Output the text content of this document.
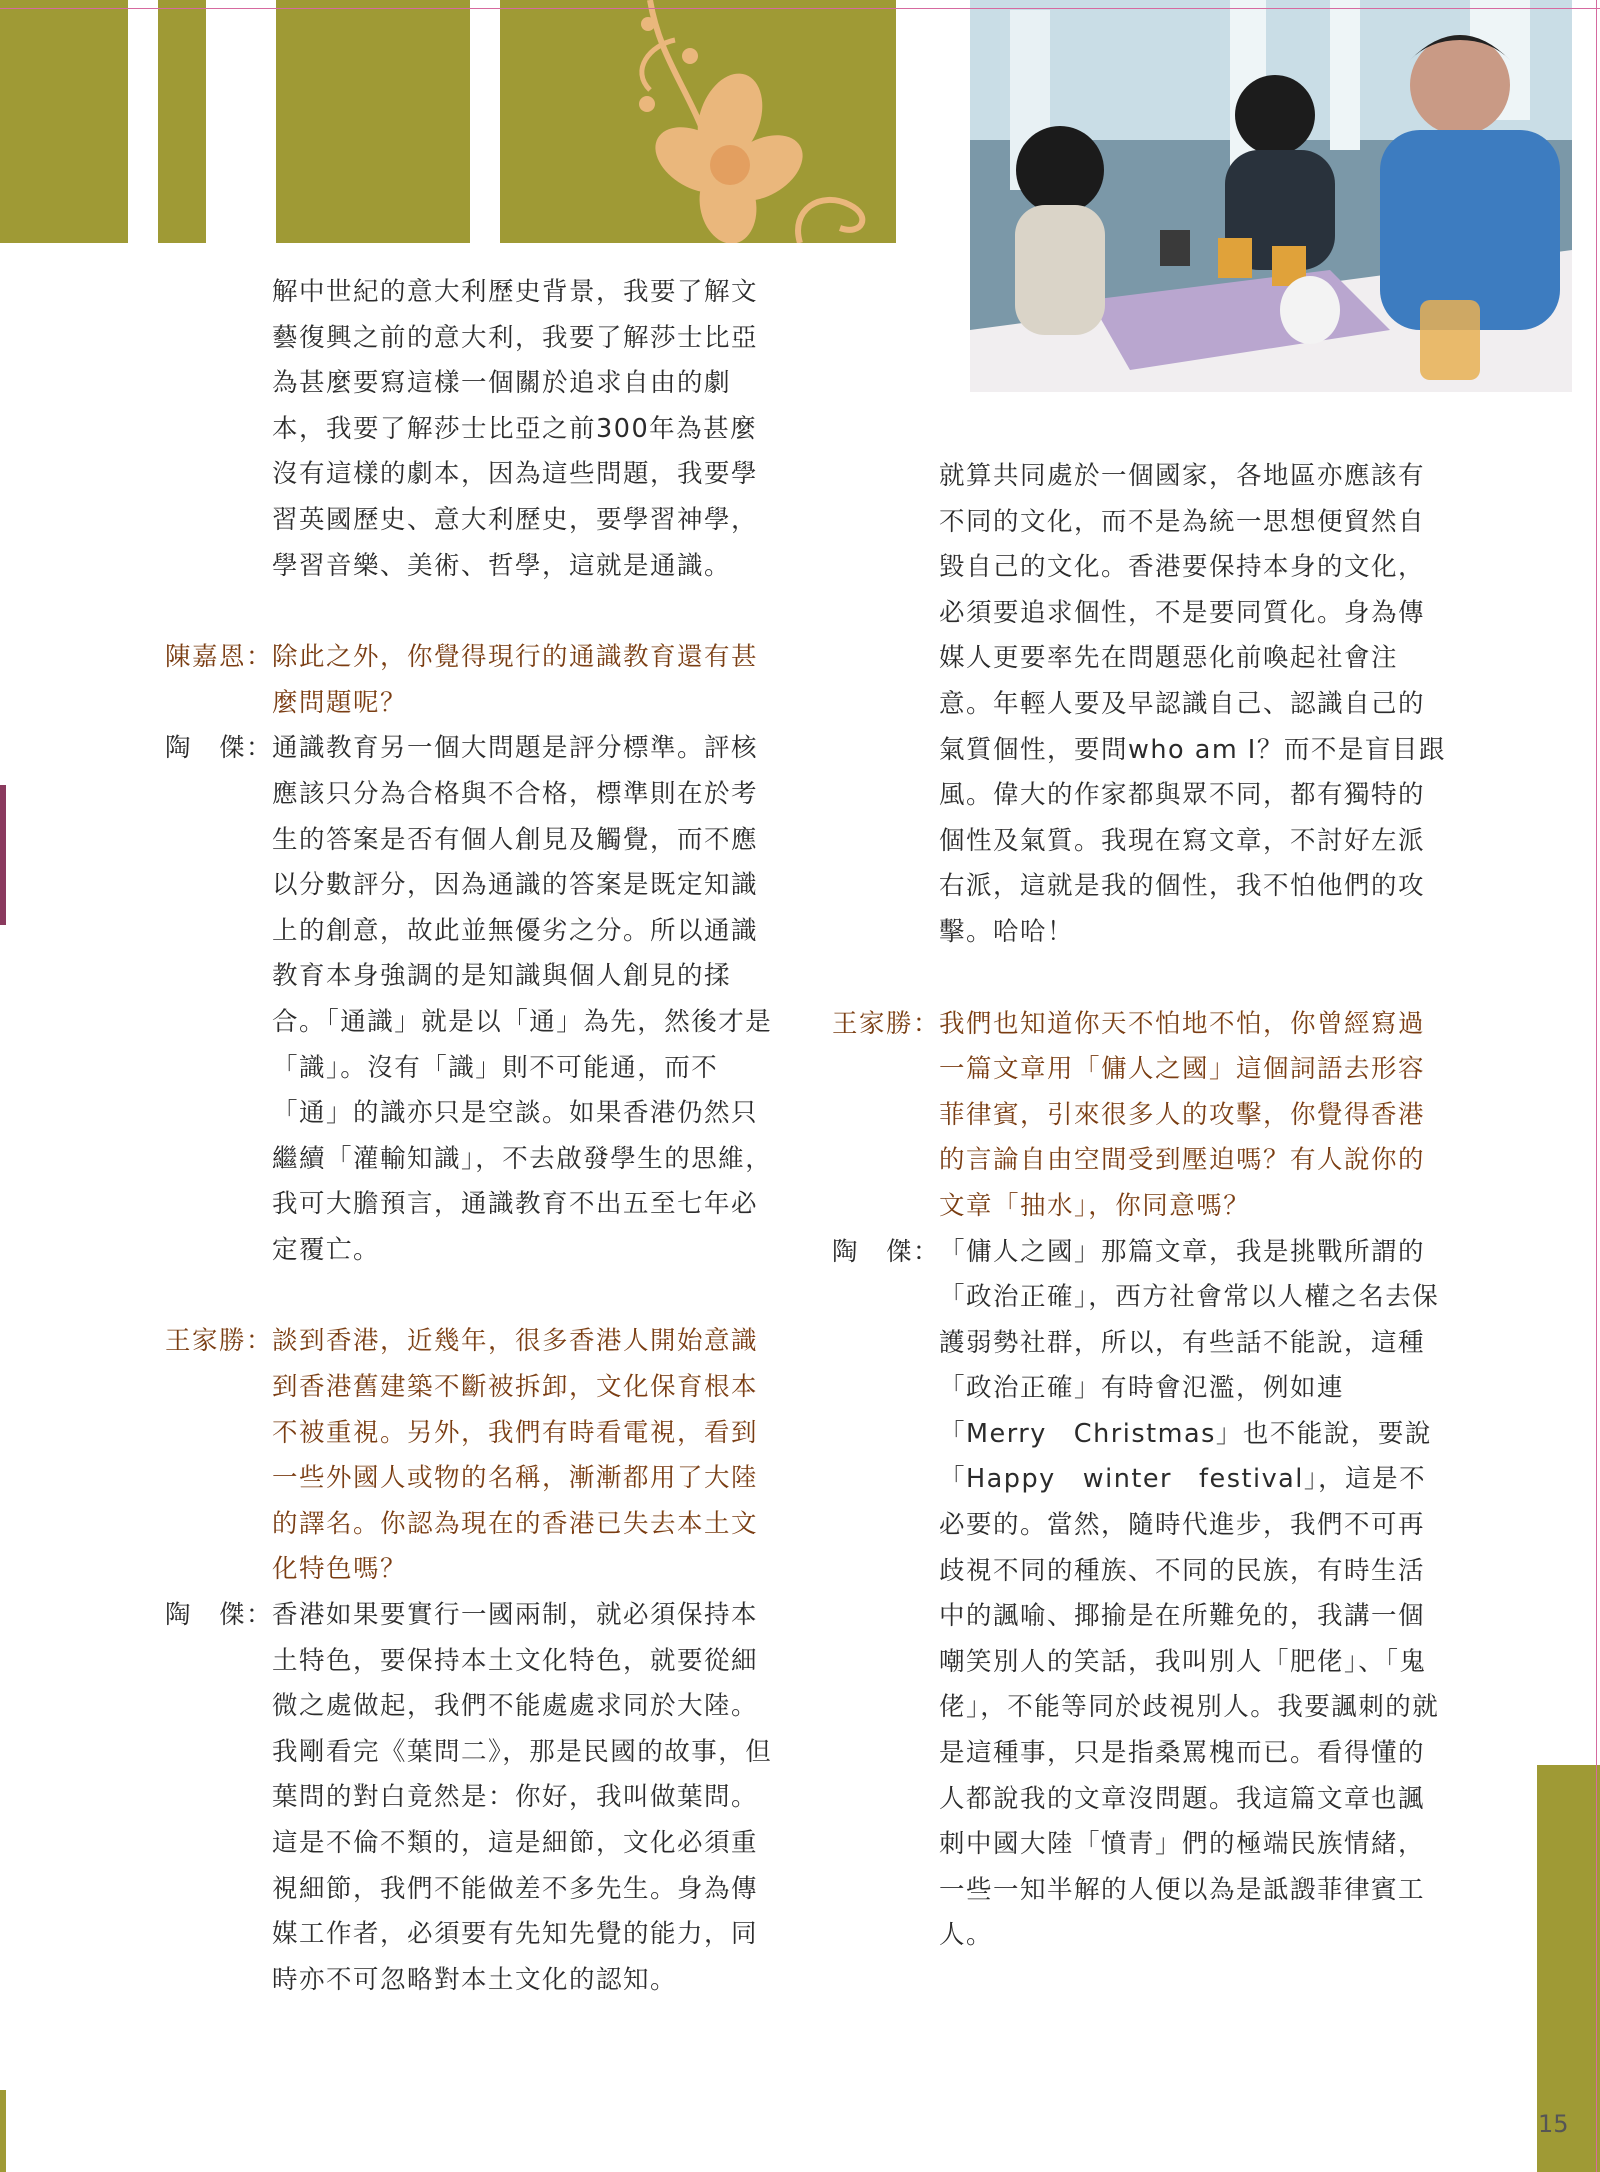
15

解中世紀的意大利歷史背景，我要了解文藝復興之前的意大利，我要了解莎士比亞為甚麼要寫這樣一個關於追求自由的劇本，我要了解莎士比亞之前300年為甚麼沒有這樣的劇本，因為這些問題，我要學習英國歷史、意大利歷史，要學習神學，學習音樂、美術、哲學，這就是通識。

陳嘉恩：
除此之外，你覺得現行的通識教育還有甚麼問題呢？
陶　傑：
通識教育另一個大問題是評分標準。評核應該只分為合格與不合格，標準則在於考生的答案是否有個人創見及觸覺，而不應以分數評分，因為通識的答案是既定知識上的創意，故此並無優劣之分。所以通識教育本身強調的是知識與個人創見的揉合。「通識」就是以「通」為先，然後才是「識」。沒有「識」則不可能通，而不「通」的識亦只是空談。如果香港仍然只繼續「灌輸知識」，不去啟發學生的思維，我可大膽預言，通識教育不出五至七年必定覆亡。
王家勝：
談到香港，近幾年，很多香港人開始意識到香港舊建築不斷被拆卸，文化保育根本不被重視。另外，我們有時看電視，看到一些外國人或物的名稱，漸漸都用了大陸的譯名。你認為現在的香港已失去本土文化特色嗎？
陶　傑：
香港如果要實行一國兩制，就必須保持本土特色，要保持本土文化特色，就要從細微之處做起，我們不能處處求同於大陸。我剛看完《葉問二》，那是民國的故事，但葉問的對白竟然是：你好，我叫做葉問。這是不倫不類的，這是細節，文化必須重視細節，我們不能做差不多先生。身為傳媒工作者，必須要有先知先覺的能力，同時亦不可忽略對本土文化的認知。

就算共同處於一個國家，各地區亦應該有不同的文化，而不是為統一思想便貿然自毀自己的文化。香港要保持本身的文化，必須要追求個性，不是要同質化。身為傳媒人更要率先在問題惡化前喚起社會注意。年輕人要及早認識自己、認識自己的氣質個性，要問who am I？而不是盲目跟風。偉大的作家都與眾不同，都有獨特的個性及氣質。我現在寫文章，不討好左派右派，這就是我的個性，我不怕他們的攻擊。哈哈！

王家勝：
我們也知道你天不怕地不怕，你曾經寫過一篇文章用「傭人之國」這個詞語去形容菲律賓，引來很多人的攻擊，你覺得香港的言論自由空間受到壓迫嗎？有人說你的文章「抽水」，你同意嗎？
陶　傑：
「傭人之國」那篇文章，我是挑戰所謂的「政治正確」，西方社會常以人權之名去保護弱勢社群，所以，有些話不能說，這種「政治正確」有時會氾濫，例如連「Merry　Christmas」也不能說，要說「Happy　winter　festival」，這是不必要的。當然，隨時代進步，我們不可再歧視不同的種族、不同的民族，有時生活中的諷喻、揶揄是在所難免的，我講一個嘲笑別人的笑話，我叫別人「肥佬」、「鬼佬」，不能等同於歧視別人。我要諷刺的就是這種事，只是指桑罵槐而已。看得懂的人都說我的文章沒問題。我這篇文章也諷刺中國大陸「憤青」們的極端民族情緒，一些一知半解的人便以為是詆譭菲律賓工人。
